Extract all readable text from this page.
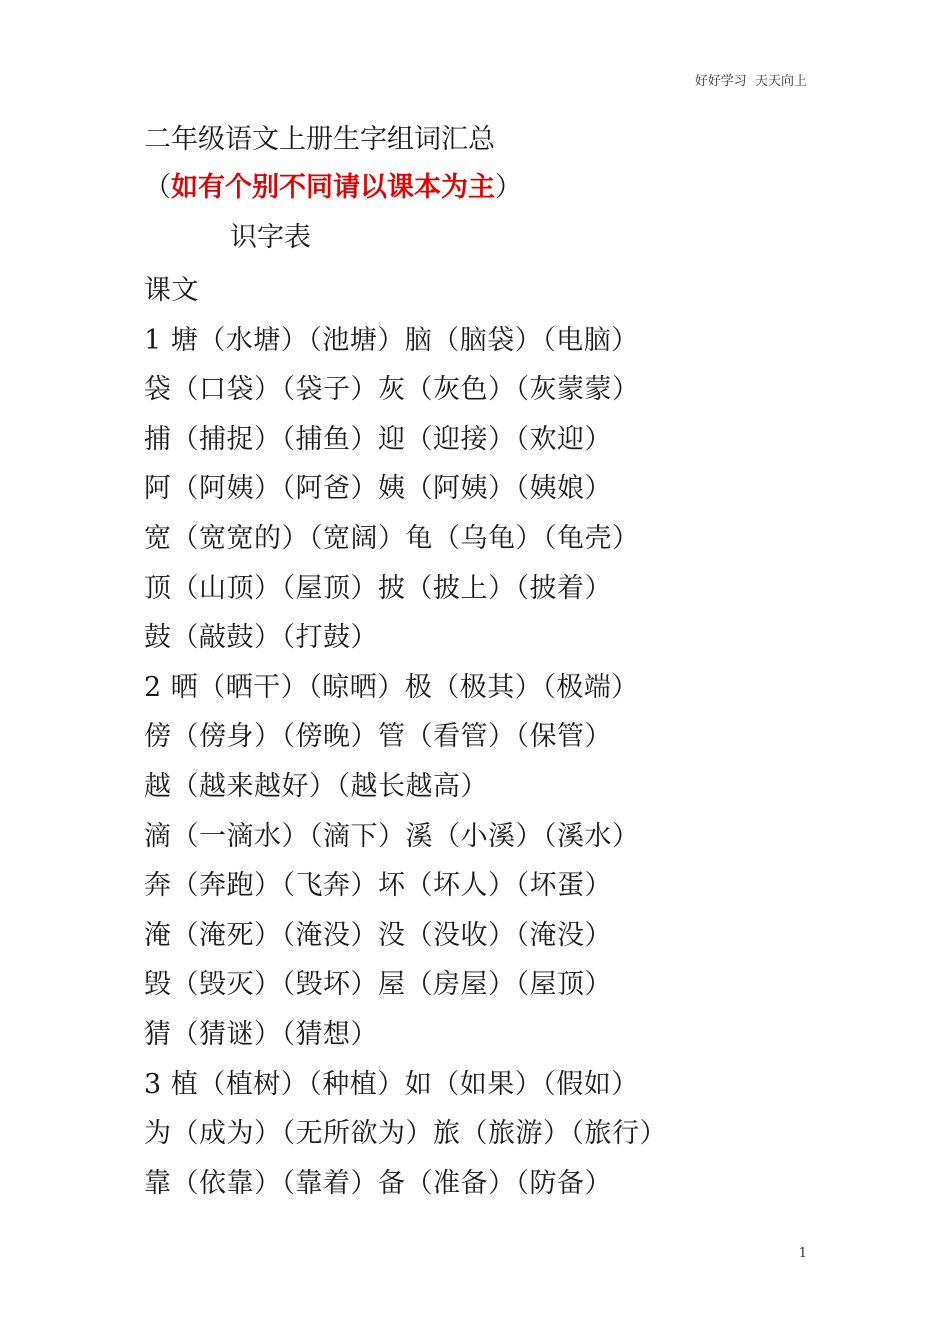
好好学习  天天向上
二年级语文上册生字组词汇总
（如有个别不同请以课本为主）
识字表
课文
1 塘（水塘）（池塘）脑（脑袋）（电脑）
袋（口袋）（袋子）灰（灰色）（灰蒙蒙）
捕（捕捉）（捕鱼）迎（迎接）（欢迎）
阿（阿姨）（阿爸）姨（阿姨）（姨娘）
宽（宽宽的）（宽阔）龟（乌龟）（龟壳）
顶（山顶）（屋顶）披（披上）（披着）
鼓（敲鼓）（打鼓）
2 晒（晒干）（晾晒）极（极其）（极端）
傍（傍身）（傍晚）管（看管）（保管）
越（越来越好）（越长越高）
滴（一滴水）（滴下）溪（小溪）（溪水）
奔（奔跑）（飞奔）坏（坏人）（坏蛋）
淹（淹死）（淹没）没（没收）（淹没）
毁（毁灭）（毁坏）屋（房屋）（屋顶）
猜（猜谜）（猜想）
3 植（植树）（种植）如（如果）（假如）
为（成为）（无所欲为）旅（旅游）（旅行）
靠（依靠）（靠着）备（准备）（防备）
1
